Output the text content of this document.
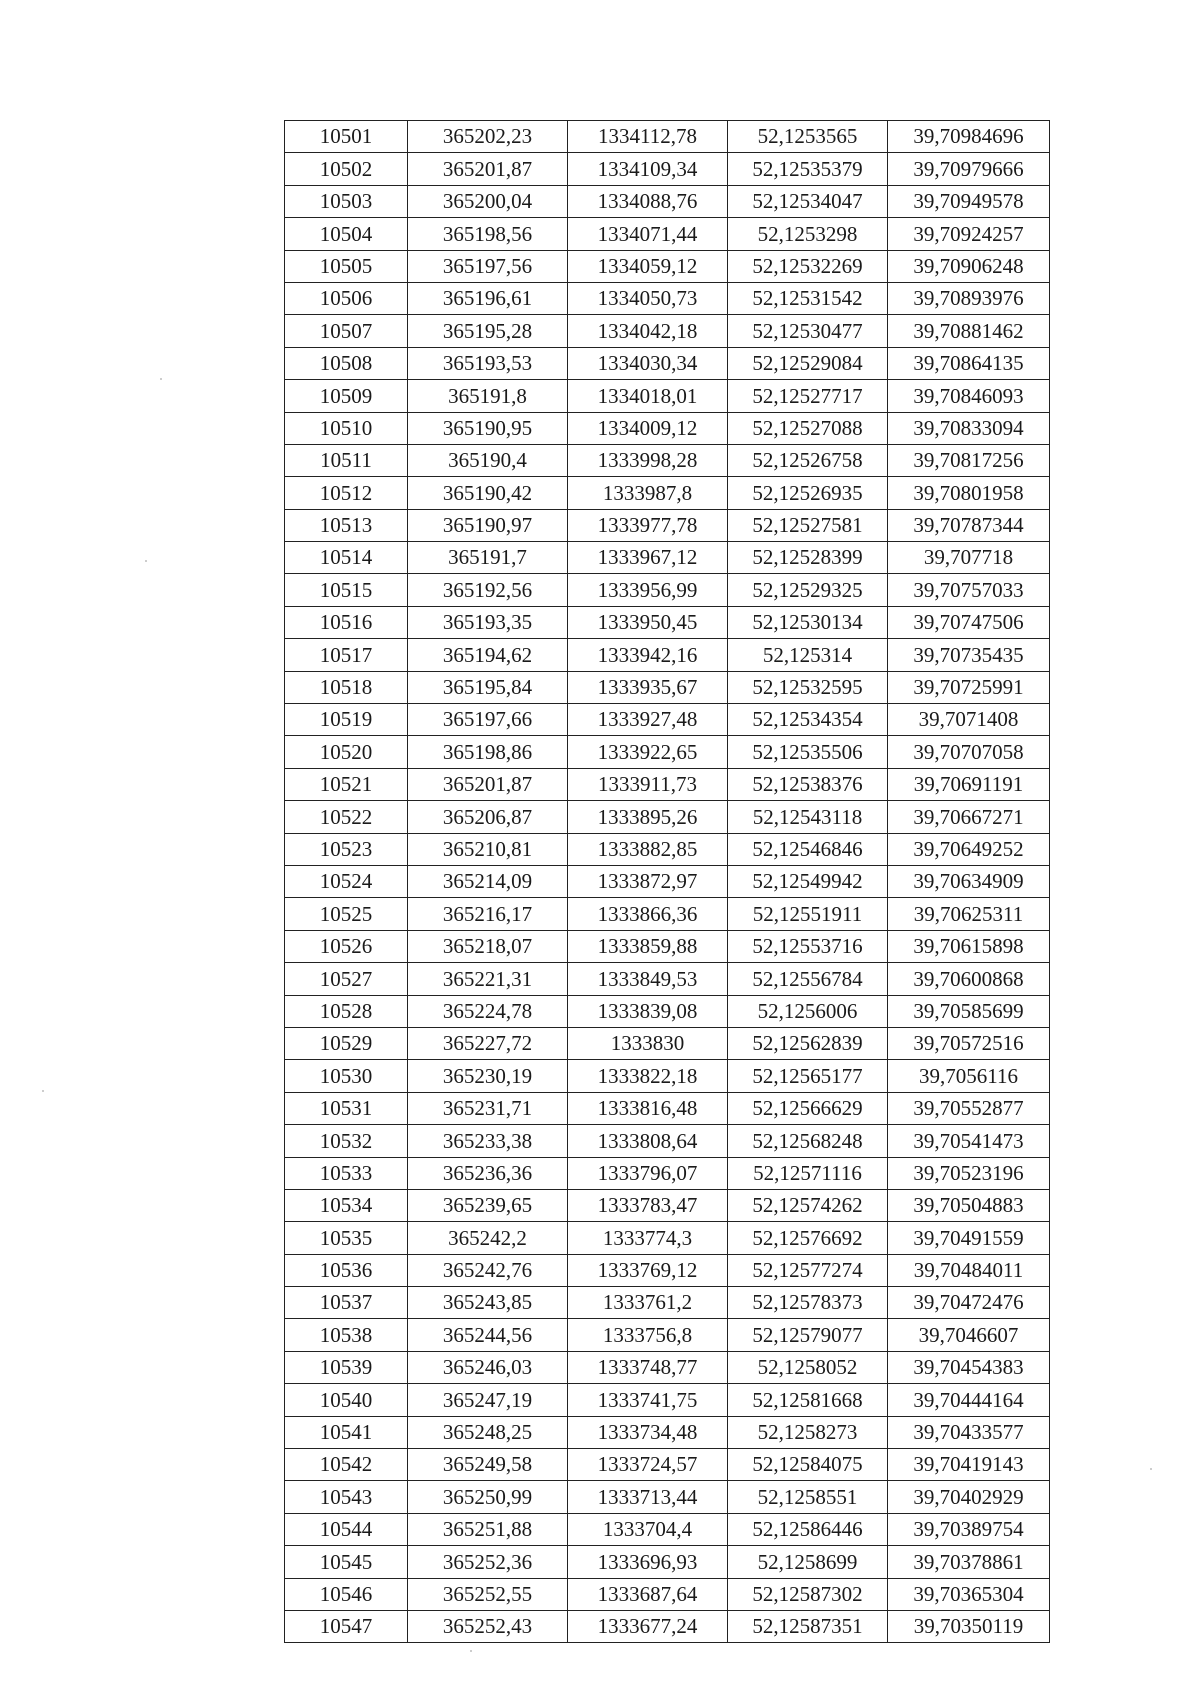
10501	365202,23	1334112,78	52,1253565	39,70984696
10502	365201,87	1334109,34	52,12535379	39,70979666
10503	365200,04	1334088,76	52,12534047	39,70949578
10504	365198,56	1334071,44	52,1253298	39,70924257
10505	365197,56	1334059,12	52,12532269	39,70906248
10506	365196,61	1334050,73	52,12531542	39,70893976
10507	365195,28	1334042,18	52,12530477	39,70881462
10508	365193,53	1334030,34	52,12529084	39,70864135
10509	365191,8	1334018,01	52,12527717	39,70846093
10510	365190,95	1334009,12	52,12527088	39,70833094
10511	365190,4	1333998,28	52,12526758	39,70817256
10512	365190,42	1333987,8	52,12526935	39,70801958
10513	365190,97	1333977,78	52,12527581	39,70787344
10514	365191,7	1333967,12	52,12528399	39,707718
10515	365192,56	1333956,99	52,12529325	39,70757033
10516	365193,35	1333950,45	52,12530134	39,70747506
10517	365194,62	1333942,16	52,125314	39,70735435
10518	365195,84	1333935,67	52,12532595	39,70725991
10519	365197,66	1333927,48	52,12534354	39,7071408
10520	365198,86	1333922,65	52,12535506	39,70707058
10521	365201,87	1333911,73	52,12538376	39,70691191
10522	365206,87	1333895,26	52,12543118	39,70667271
10523	365210,81	1333882,85	52,12546846	39,70649252
10524	365214,09	1333872,97	52,12549942	39,70634909
10525	365216,17	1333866,36	52,12551911	39,70625311
10526	365218,07	1333859,88	52,12553716	39,70615898
10527	365221,31	1333849,53	52,12556784	39,70600868
10528	365224,78	1333839,08	52,1256006	39,70585699
10529	365227,72	1333830	52,12562839	39,70572516
10530	365230,19	1333822,18	52,12565177	39,7056116
10531	365231,71	1333816,48	52,12566629	39,70552877
10532	365233,38	1333808,64	52,12568248	39,70541473
10533	365236,36	1333796,07	52,12571116	39,70523196
10534	365239,65	1333783,47	52,12574262	39,70504883
10535	365242,2	1333774,3	52,12576692	39,70491559
10536	365242,76	1333769,12	52,12577274	39,70484011
10537	365243,85	1333761,2	52,12578373	39,70472476
10538	365244,56	1333756,8	52,12579077	39,7046607
10539	365246,03	1333748,77	52,1258052	39,70454383
10540	365247,19	1333741,75	52,12581668	39,70444164
10541	365248,25	1333734,48	52,1258273	39,70433577
10542	365249,58	1333724,57	52,12584075	39,70419143
10543	365250,99	1333713,44	52,1258551	39,70402929
10544	365251,88	1333704,4	52,12586446	39,70389754
10545	365252,36	1333696,93	52,1258699	39,70378861
10546	365252,55	1333687,64	52,12587302	39,70365304
10547	365252,43	1333677,24	52,12587351	39,70350119
